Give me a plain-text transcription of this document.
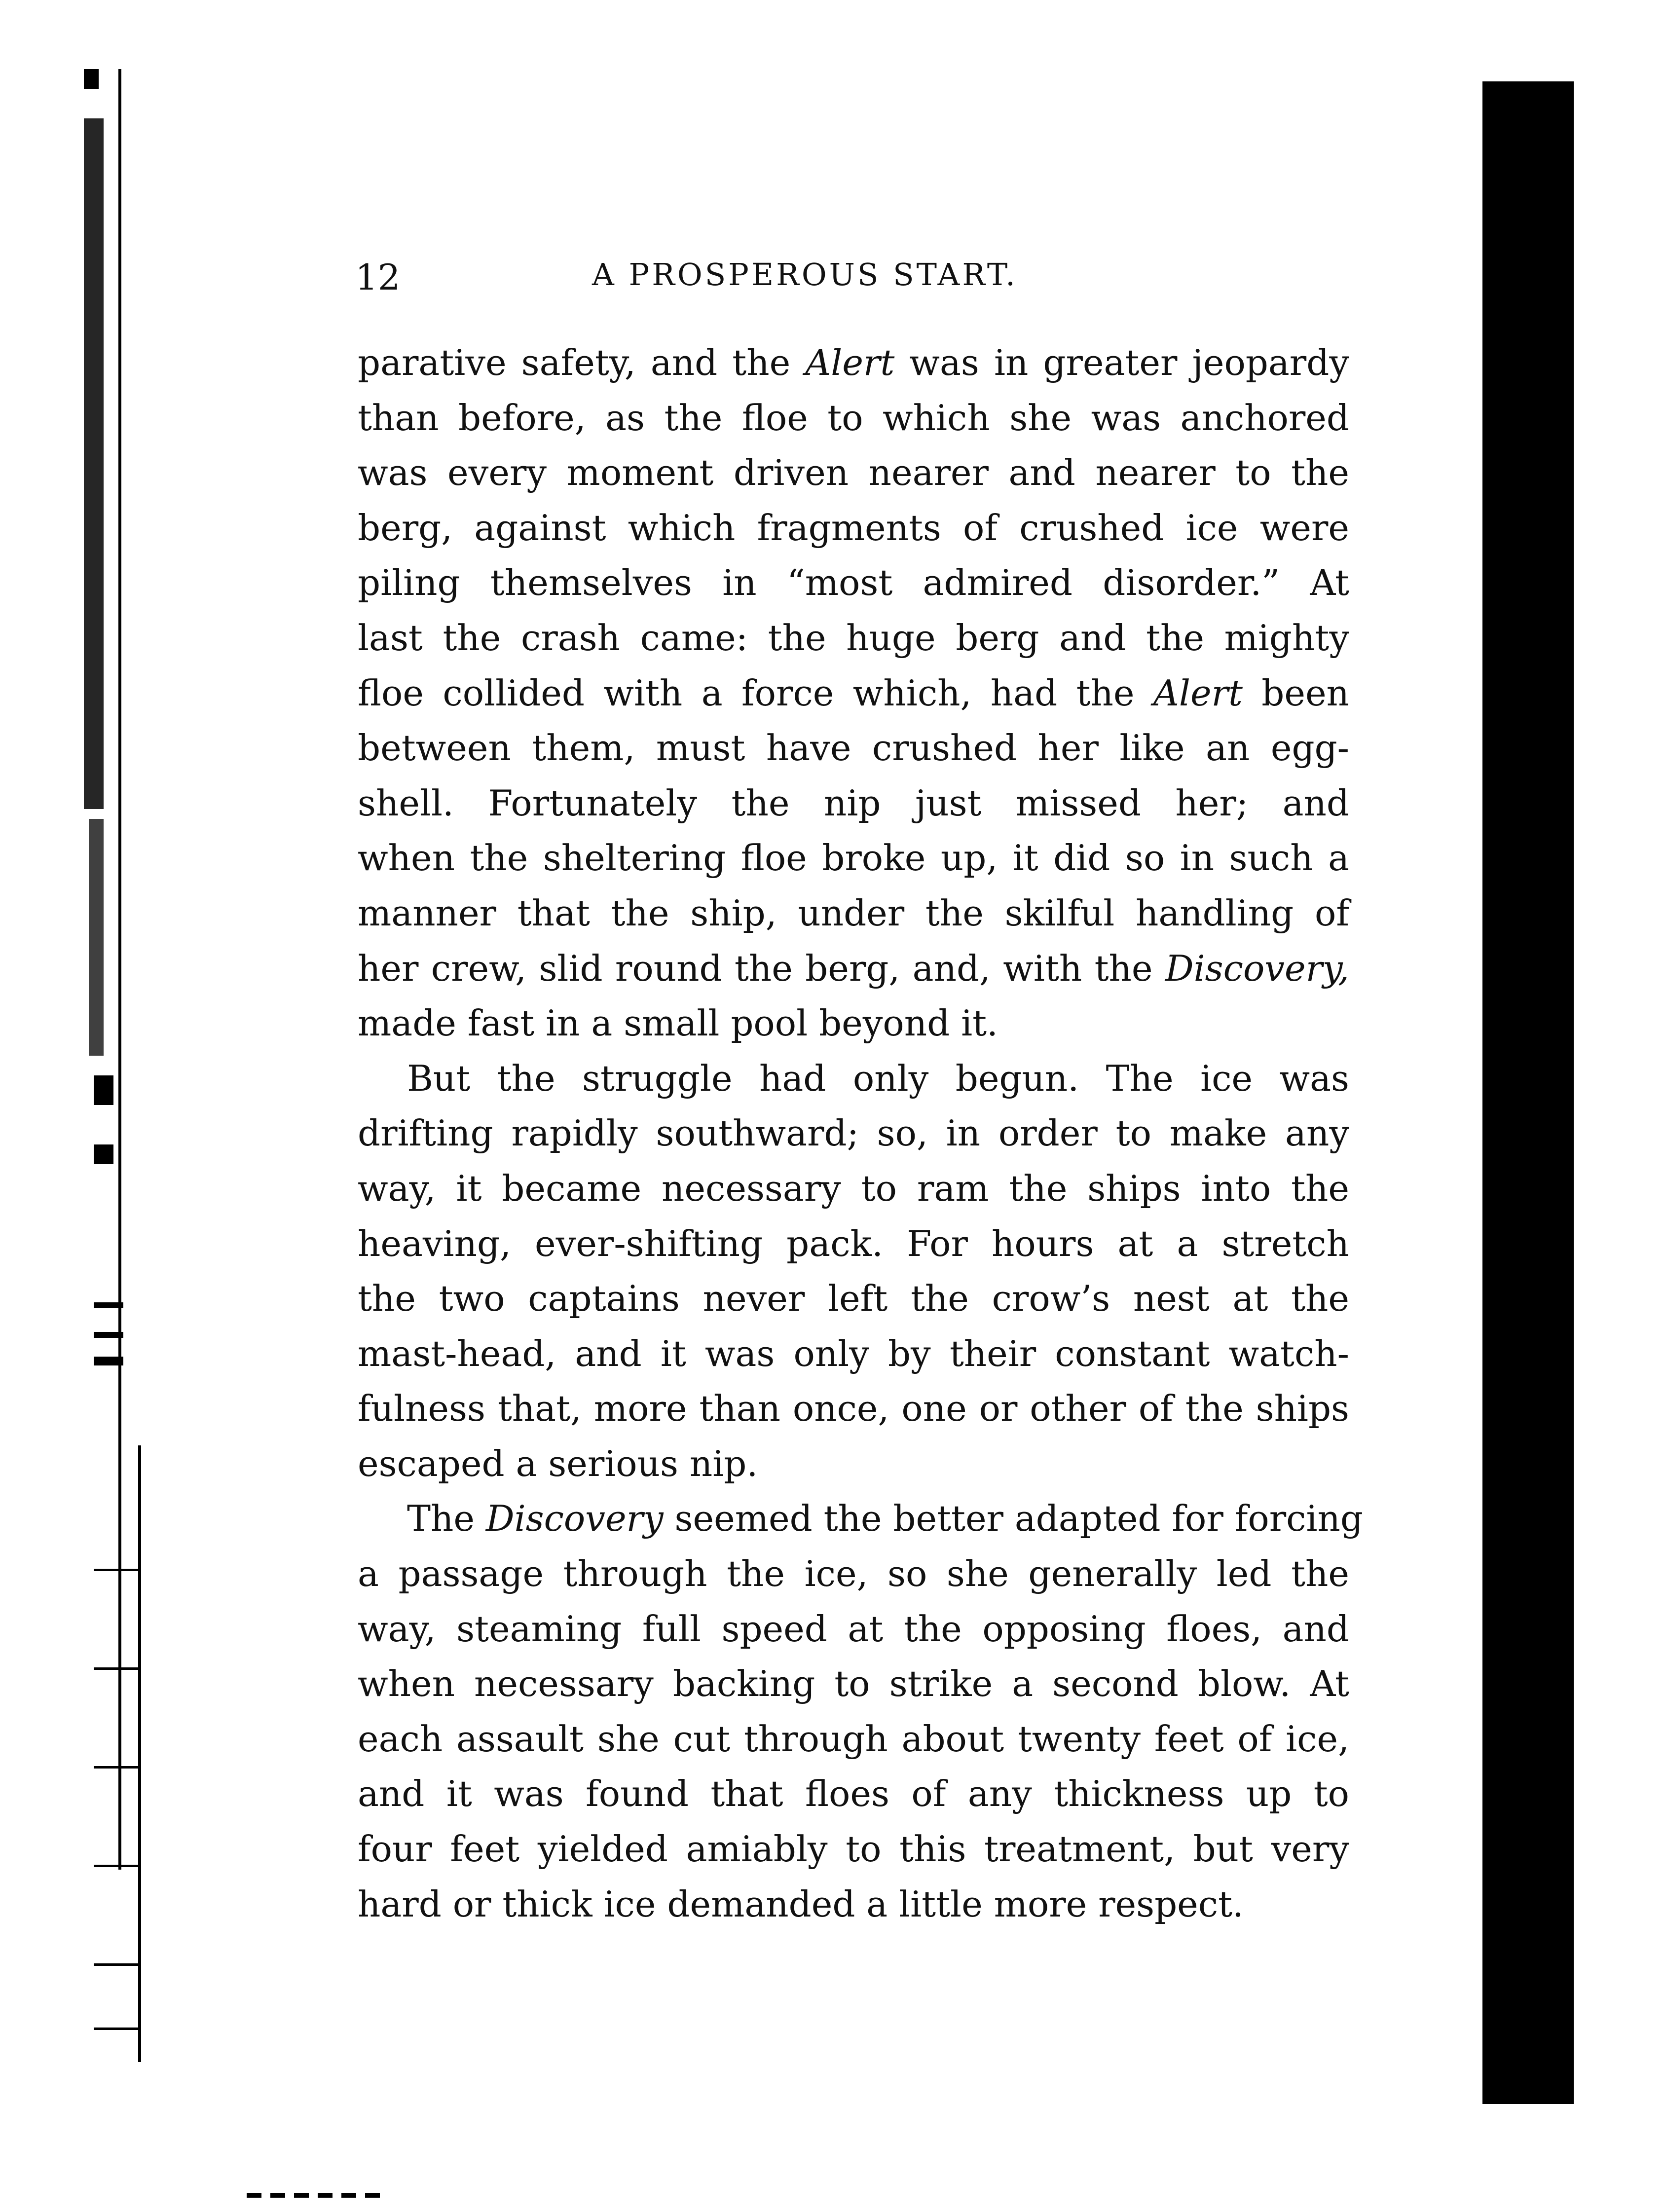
12	A PROSPEROUS START.
parative safety, and the Alert was in greater jeopardy
than before, as the floe to which she was anchored
was every moment driven nearer and nearer to the
berg, against which fragments of crushed ice were
piling themselves in “most admired disorder.” At
last the crash came: the huge berg and the mighty
floe collided with a force which, had the Alert been
between them, must have crushed her like an egg-
shell. Fortunately the nip just missed her; and
when the sheltering floe broke up, it did so in such a
manner that the ship, under the skilful handling of
her crew, slid round the berg, and, with the Discovery,
made fast in a small pool beyond it.
But the struggle had only begun. The ice was
drifting rapidly southward; so, in order to make any
way, it became necessary to ram the ships into the
heaving, ever-shifting pack. For hours at a stretch
the two captains never left the crow’s nest at the
mast-head, and it was only by their constant watch-
fulness that, more than once, one or other of the ships
escaped a serious nip.
The Discovery seemed the better adapted for forcing
a passage through the ice, so she generally led the
way, steaming full speed at the opposing floes, and
when necessary backing to strike a second blow. At
each assault she cut through about twenty feet of ice,
and it was found that floes of any thickness up to
four feet yielded amiably to this treatment, but very
hard or thick ice demanded a little more respect.
